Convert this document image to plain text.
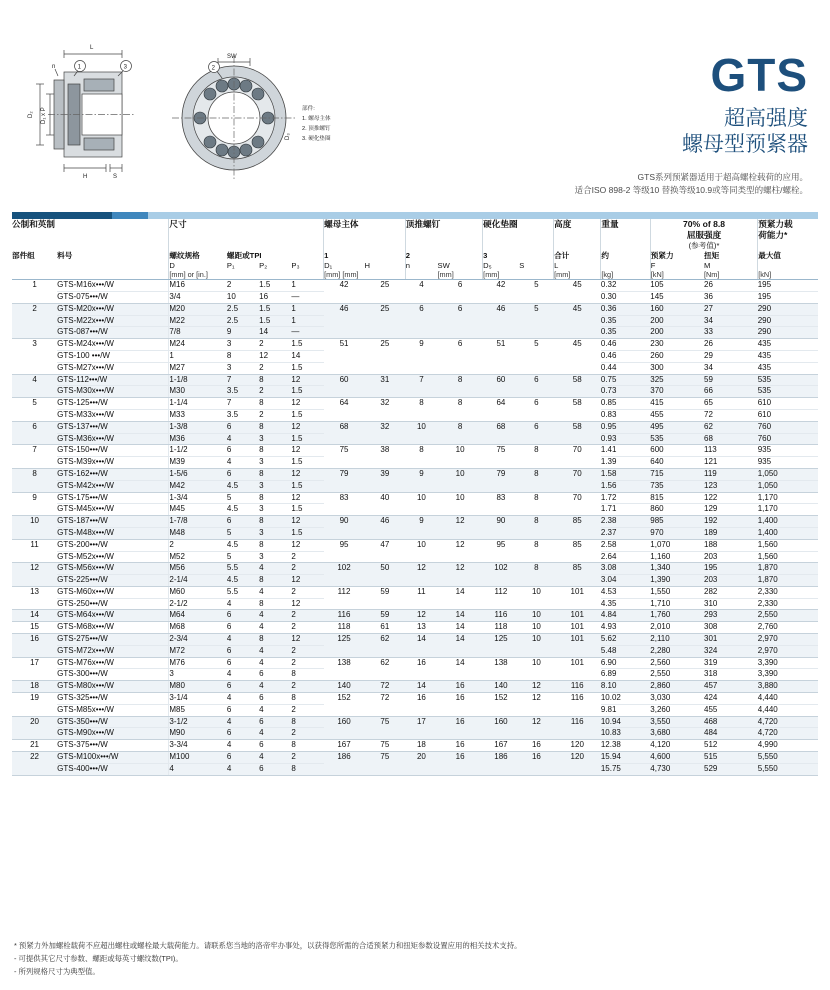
1	3
n
L
D₂ D₁ x P
H	S
2
SW
D₃
部件:
1. 螺母主体
2. 顶推螺钉
3. 硬化垫圈
GTS
超高强度
螺母型预紧器
GTS系列预紧器适用于超高螺栓载荷的应用。
适合ISO 898-2 等级10 替换等级10.9或等同类型的螺柱/螺栓。
公制和英制		尺寸				螺母主体		顶推螺钉		硬化垫圈		高度	重量	70% of 8.8
屈服强度
(参考值)*		预紧力载
荷能力*
部件组	料号	螺纹规格	螺距或TPI			1		2		3		合计	约	预紧力	扭矩	最大值
		D	P₁	P₂	P₃	D₁	H	n	SW	D₅	S	L		F	M	
		[mm] or [in.]				[mm] [mm]			[mm]	[mm]		[mm]	[kg]	[kN]	[Nm]	[kN]
1	GTS-M16x•••/W	M16	2	1.5	1	42	25	4	6	42	5	45	0.32	105	26	195
	GTS-075•••/W	3/4	10	16	—								0.30	145	36	195
2	GTS-M20x•••/W	M20	2.5	1.5	1	46	25	6	6	46	5	45	0.36	160	27	290
	GTS-M22x•••/W	M22	2.5	1.5	1								0.35	200	34	290
	GTS-087•••/W	7/8	9	14	—								0.35	200	33	290
3	GTS-M24x•••/W	M24	3	2	1.5	51	25	9	6	51	5	45	0.46	230	26	435
	GTS-100 •••/W	1	8	12	14								0.46	260	29	435
	GTS-M27x•••/W	M27	3	2	1.5								0.44	300	34	435
4	GTS-112•••/W	1-1/8	7	8	12	60	31	7	8	60	6	58	0.75	325	59	535
	GTS-M30x•••/W	M30	3.5	2	1.5								0.73	370	66	535
5	GTS-125•••/W	1-1/4	7	8	12	64	32	8	8	64	6	58	0.85	415	65	610
	GTS-M33x•••/W	M33	3.5	2	1.5								0.83	455	72	610
6	GTS-137•••/W	1-3/8	6	8	12	68	32	10	8	68	6	58	0.95	495	62	760
	GTS-M36x•••/W	M36	4	3	1.5								0.93	535	68	760
7	GTS-150•••/W	1-1/2	6	8	12	75	38	8	10	75	8	70	1.41	600	113	935
	GTS-M39x•••/W	M39	4	3	1.5								1.39	640	121	935
8	GTS-162•••/W	1-5/6	6	8	12	79	39	9	10	79	8	70	1.58	715	119	1,050
	GTS-M42x•••/W	M42	4.5	3	1.5								1.56	735	123	1,050
9	GTS-175•••/W	1-3/4	5	8	12	83	40	10	10	83	8	70	1.72	815	122	1,170
	GTS-M45x•••/W	M45	4.5	3	1.5								1.71	860	129	1,170
10	GTS-187•••/W	1-7/8	6	8	12	90	46	9	12	90	8	85	2.38	985	192	1,400
	GTS-M48x•••/W	M48	5	3	1.5								2.37	970	189	1,400
11	GTS-200•••/W	2	4.5	8	12	95	47	10	12	95	8	85	2.58	1,070	188	1,560
	GTS-M52x•••/W	M52	5	3	2								2.64	1,160	203	1,560
12	GTS-M56x•••/W	M56	5.5	4	2	102	50	12	12	102	8	85	3.08	1,340	195	1,870
	GTS-225•••/W	2-1/4	4.5	8	12								3.04	1,390	203	1,870
13	GTS-M60x•••/W	M60	5.5	4	2	112	59	11	14	112	10	101	4.53	1,550	282	2,330
	GTS-250•••/W	2-1/2	4	8	12								4.35	1,710	310	2,330
14	GTS-M64x•••/W	M64	6	4	2	116	59	12	14	116	10	101	4.84	1,760	293	2,550
15	GTS-M68x•••/W	M68	6	4	2	118	61	13	14	118	10	101	4.93	2,010	308	2,760
16	GTS-275•••/W	2-3/4	4	8	12	125	62	14	14	125	10	101	5.62	2,110	301	2,970
	GTS-M72x•••/W	M72	6	4	2								5.48	2,280	324	2,970
17	GTS-M76x•••/W	M76	6	4	2	138	62	16	14	138	10	101	6.90	2,560	319	3,390
	GTS-300•••/W	3	4	6	8								6.89	2,550	318	3,390
18	GTS-M80x•••/W	M80	6	4	2	140	72	14	16	140	12	116	8.10	2,860	457	3,880
19	GTS-325•••/W	3-1/4	4	6	8	152	72	16	16	152	12	116	10.02	3,030	424	4,440
	GTS-M85x•••/W	M85	6	4	2								9.81	3,260	455	4,440
20	GTS-350•••/W	3-1/2	4	6	8	160	75	17	16	160	12	116	10.94	3,550	468	4,720
	GTS-M90x•••/W	M90	6	4	2								10.83	3,680	484	4,720
21	GTS-375•••/W	3-3/4	4	6	8	167	75	18	16	167	16	120	12.38	4,120	512	4,990
22	GTS-M100x•••/W	M100	6	4	2	186	75	20	16	186	16	120	15.94	4,600	515	5,550
	GTS-400•••/W	4	4	6	8								15.75	4,730	529	5,550
* 预紧力外加螺栓载荷不应超出螺柱或螺栓最大载荷能力。请联系您当地的洛帝牢办事处，以获得您所需的合适预紧力和扭矩参数设置应用的相关技术支持。
- 可提供其它尺寸参数、螺距或每英寸螺纹数(TPI)。
- 所列规格尺寸为典型值。
